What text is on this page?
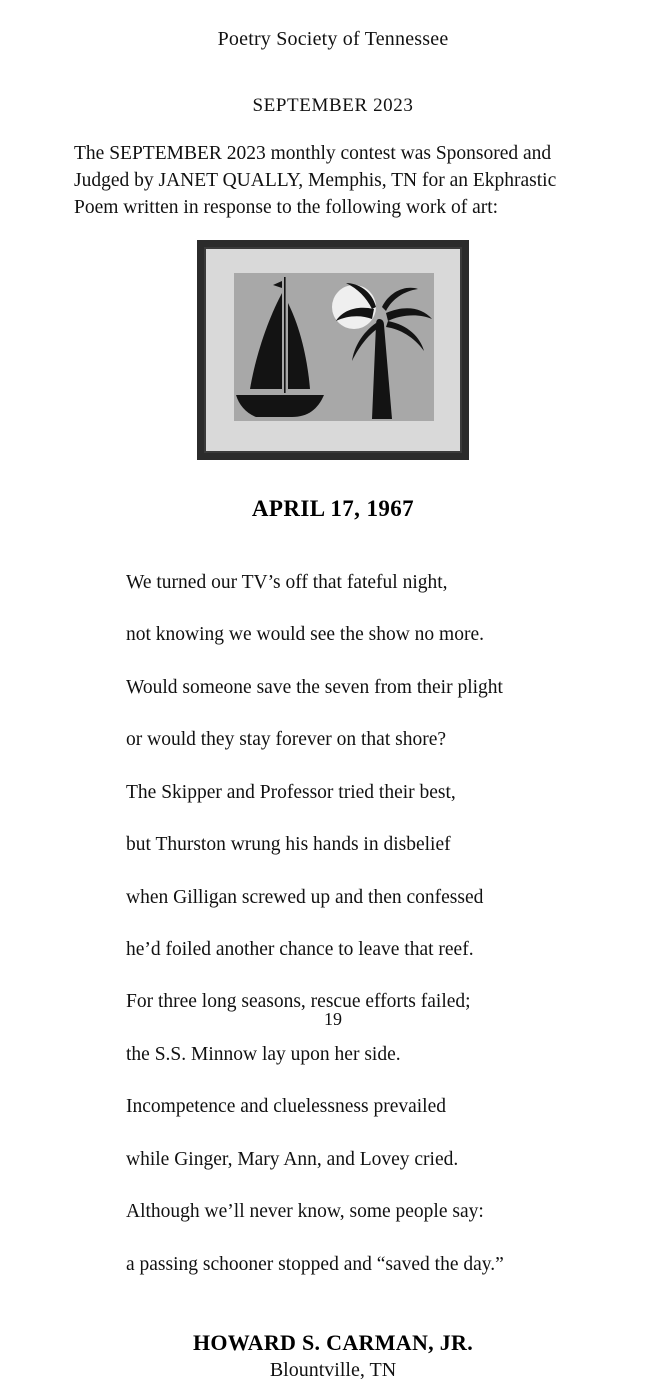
Poetry Society of Tennessee
SEPTEMBER 2023
The SEPTEMBER 2023 monthly contest was Sponsored and Judged by JANET QUALLY, Memphis, TN for an Ekphrastic Poem written in response to the following work of art:
APRIL 17, 1967

We turned our TV’s off that fateful night,

not knowing we would see the show no more.

Would someone save the seven from their plight

or would they stay forever on that shore?

The Skipper and Professor tried their best,

but Thurston wrung his hands in disbelief

when Gilligan screwed up and then confessed

he’d foiled another chance to leave that reef.

For three long seasons, rescue efforts failed;

the S.S. Minnow lay upon her side.

Incompetence and cluelessness prevailed

while Ginger, Mary Ann, and Lovey cried.

Although we’ll never know, some people say:

a passing schooner stopped and “saved the day.”

HOWARD S. CARMAN, JR.
Blountville, TN
19
